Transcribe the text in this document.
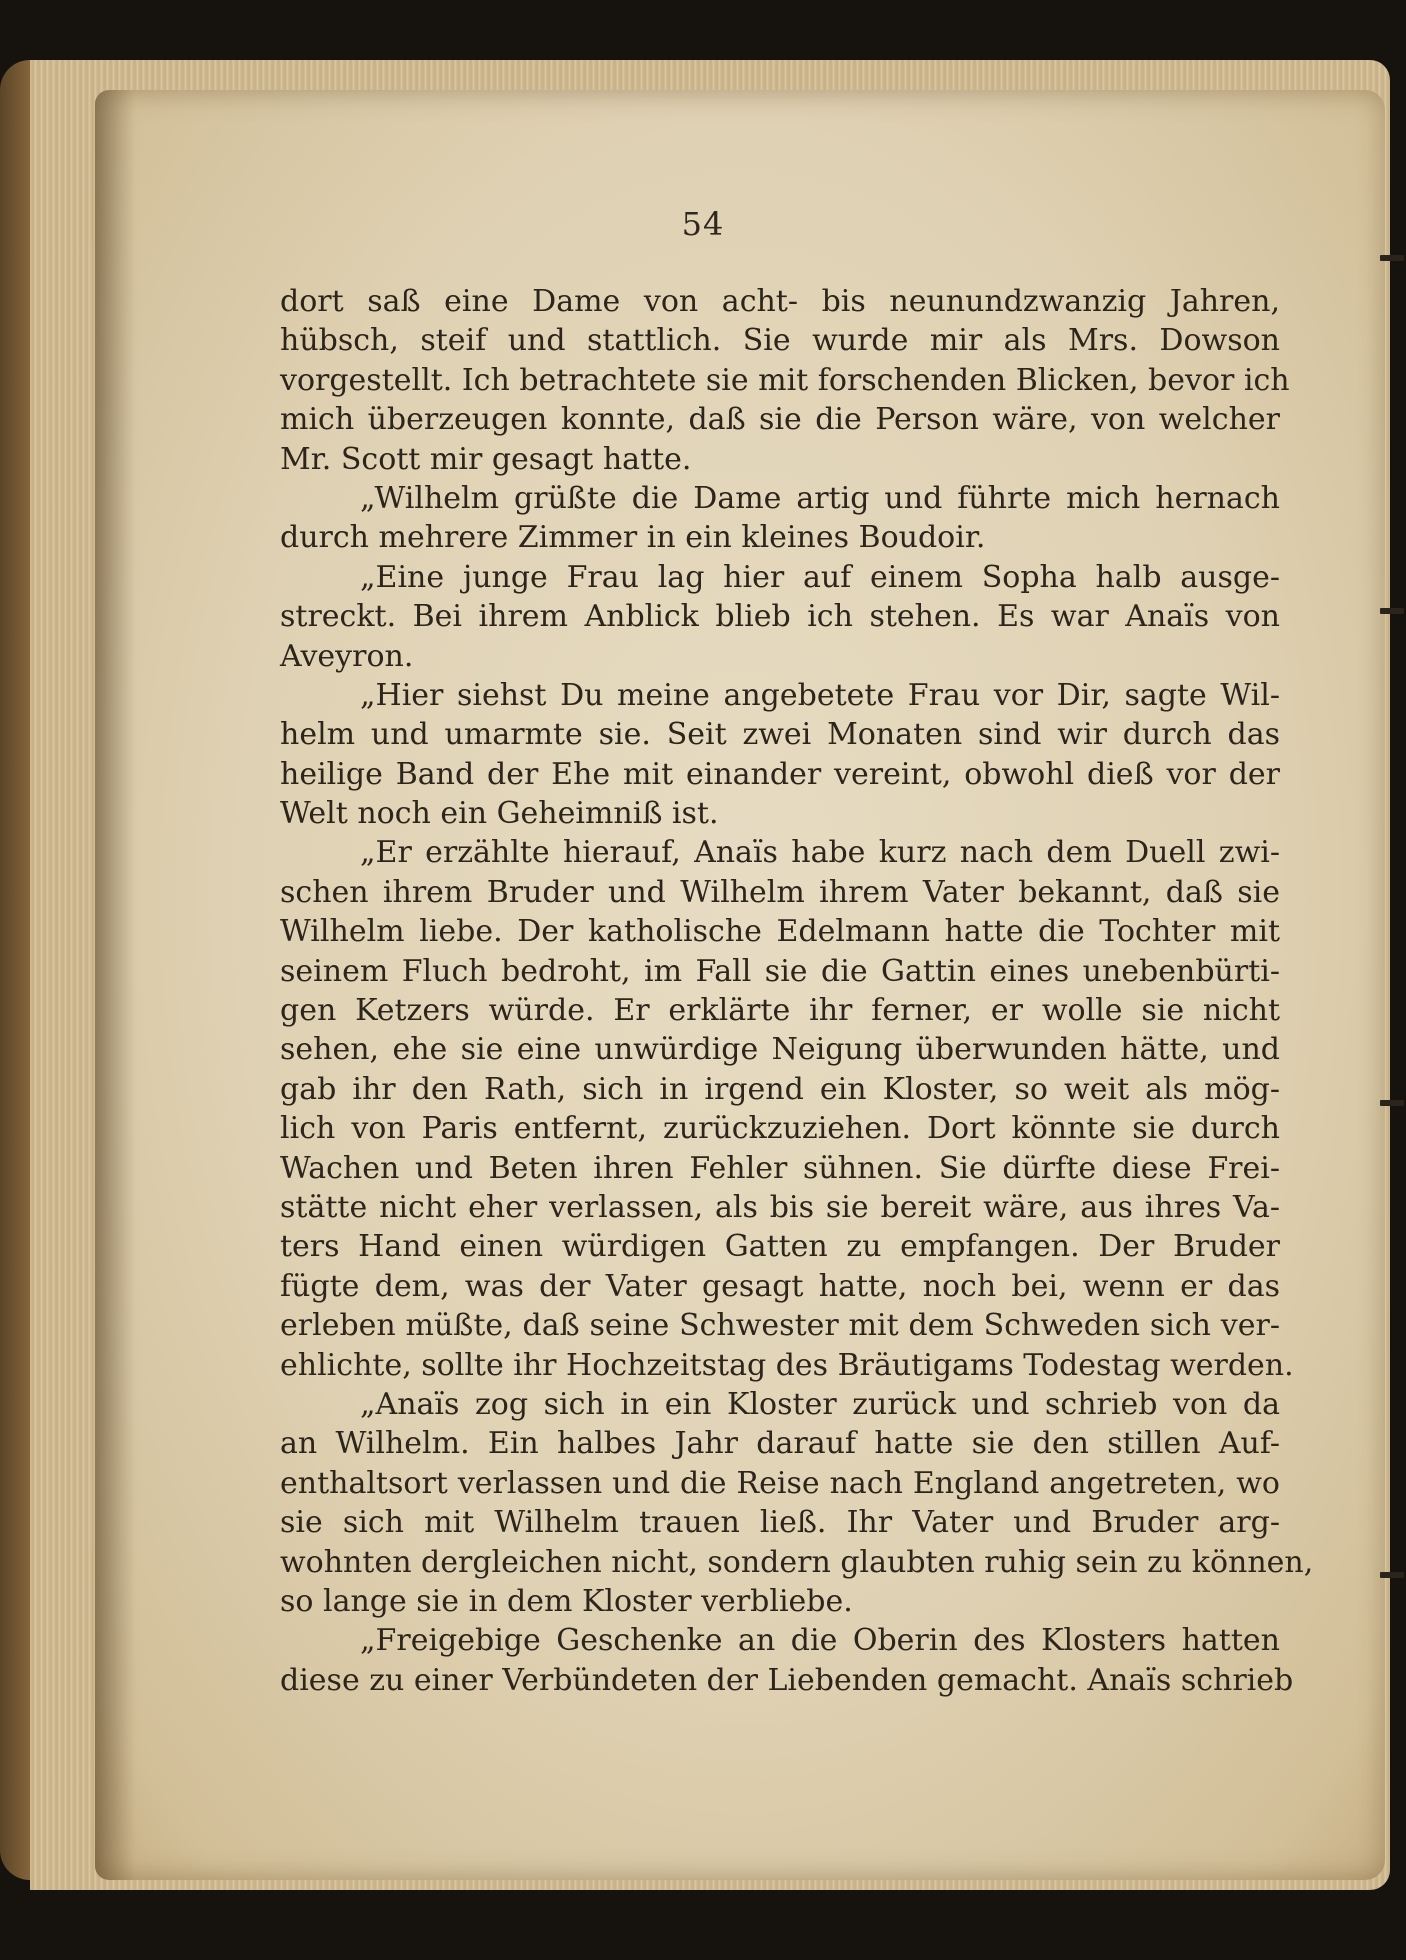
54
dort saß eine Dame von acht- bis neunundzwanzig Jahren,
hübsch, steif und stattlich. Sie wurde mir als Mrs. Dowson
vorgestellt. Ich betrachtete sie mit forschenden Blicken, bevor ich
mich überzeugen konnte, daß sie die Person wäre, von welcher
Mr. Scott mir gesagt hatte.
„Wilhelm grüßte die Dame artig und führte mich hernach
durch mehrere Zimmer in ein kleines Boudoir.
„Eine junge Frau lag hier auf einem Sopha halb ausge-
streckt. Bei ihrem Anblick blieb ich stehen. Es war Anaïs von
Aveyron.
„Hier siehst Du meine angebetete Frau vor Dir, sagte Wil-
helm und umarmte sie. Seit zwei Monaten sind wir durch das
heilige Band der Ehe mit einander vereint, obwohl dieß vor der
Welt noch ein Geheimniß ist.
„Er erzählte hierauf, Anaïs habe kurz nach dem Duell zwi-
schen ihrem Bruder und Wilhelm ihrem Vater bekannt, daß sie
Wilhelm liebe. Der katholische Edelmann hatte die Tochter mit
seinem Fluch bedroht, im Fall sie die Gattin eines unebenbürti-
gen Ketzers würde. Er erklärte ihr ferner, er wolle sie nicht
sehen, ehe sie eine unwürdige Neigung überwunden hätte, und
gab ihr den Rath, sich in irgend ein Kloster, so weit als mög-
lich von Paris entfernt, zurückzuziehen. Dort könnte sie durch
Wachen und Beten ihren Fehler sühnen. Sie dürfte diese Frei-
stätte nicht eher verlassen, als bis sie bereit wäre, aus ihres Va-
ters Hand einen würdigen Gatten zu empfangen. Der Bruder
fügte dem, was der Vater gesagt hatte, noch bei, wenn er das
erleben müßte, daß seine Schwester mit dem Schweden sich ver-
ehlichte, sollte ihr Hochzeitstag des Bräutigams Todestag werden.
„Anaïs zog sich in ein Kloster zurück und schrieb von da
an Wilhelm. Ein halbes Jahr darauf hatte sie den stillen Auf-
enthaltsort verlassen und die Reise nach England angetreten, wo
sie sich mit Wilhelm trauen ließ. Ihr Vater und Bruder arg-
wohnten dergleichen nicht, sondern glaubten ruhig sein zu können,
so lange sie in dem Kloster verbliebe.
„Freigebige Geschenke an die Oberin des Klosters hatten
diese zu einer Verbündeten der Liebenden gemacht. Anaïs schrieb
